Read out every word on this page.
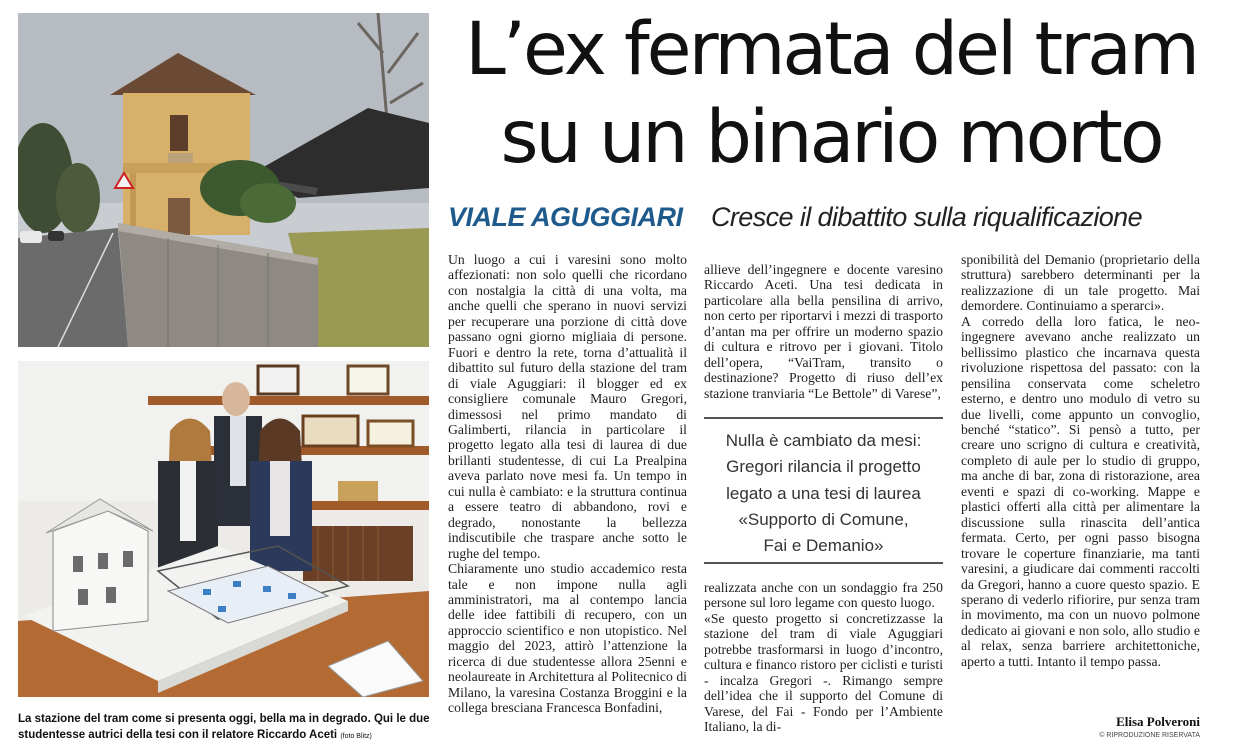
La stazione del tram come si presenta oggi, bella ma in degrado. Qui le due studentesse autrici della tesi con il relatore Riccardo Aceti (foto Blitz)
L’ex fermata del tram
su un binario morto
VIALE AGUGGIARI Cresce il dibattito sulla riqualificazione

Un luogo a cui i varesini sono molto affezionati: non solo quelli che ricordano con nostalgia la città di una volta, ma anche quelli che sperano in nuovi servizi per recuperare una porzione di città dove passano ogni giorno migliaia di persone. Fuori e dentro la rete, torna d’attualità il dibattito sul futuro della stazione del tram di viale Aguggiari: il blogger ed ex consigliere comunale Mauro Gregori, dimessosi nel primo mandato di Galimberti, rilancia in particolare il progetto legato alla tesi di laurea di due brillanti studentesse, di cui La Prealpina aveva parlato nove mesi fa. Un tempo in cui nulla è cambiato: e la struttura continua a essere teatro di abbandono, rovi e degrado, nonostante la bellezza indiscutibile che traspare anche sotto le rughe del tempo.

Chiaramente uno studio accademico resta tale e non impone nulla agli amministratori, ma al contempo lancia delle idee fattibili di recupero, con un approccio scientifico e non utopistico. Nel maggio del 2023, attirò l’attenzione la ricerca di due studentesse allora 25enni e neolaureate in Architettura al Politecnico di Milano, la varesina Costanza Broggini e la collega bresciana Francesca Bonfadini,

allieve dell’ingegnere e docente varesino Riccardo Aceti. Una tesi dedicata in particolare alla bella pensilina di arrivo, non certo per riportarvi i mezzi di trasporto d’antan ma per offrire un moderno spazio di cultura e ritrovo per i giovani. Titolo dell’opera, “VaiTram, transito o destinazione? Progetto di riuso dell’ex stazione tranviaria “Le Bettole” di Varese”,

Nulla è cambiato da mesi:
Gregori rilancia il progetto
legato a una tesi di laurea
«Supporto di Comune,
Fai e Demanio»

realizzata anche con un sondaggio fra 250 persone sul loro legame con questo luogo.

«Se questo progetto si concretizzasse la stazione del tram di viale Aguggiari potrebbe trasformarsi in luogo d’incontro, cultura e financo ristoro per ciclisti e turisti - incalza Gregori -. Rimango sempre dell’idea che il supporto del Comune di Varese, del Fai - Fondo per l’Ambiente Italiano, la di-

sponibilità del Demanio (proprietario della struttura) sarebbero determinanti per la realizzazione di un tale progetto. Mai demordere. Continuiamo a sperarci».

A corredo della loro fatica, le neo-ingegnere avevano anche realizzato un bellissimo plastico che incarnava questa rivoluzione rispettosa del passato: con la pensilina conservata come scheletro esterno, e dentro uno modulo di vetro su due livelli, come appunto un convoglio, benché “statico”. Si pensò a tutto, per creare uno scrigno di cultura e creatività, completo di aule per lo studio di gruppo, ma anche di bar, zona di ristorazione, area eventi e spazi di co-working. Mappe e plastici offerti alla città per alimentare la discussione sulla rinascita dell’antica fermata. Certo, per ogni passo bisogna trovare le coperture finanziarie, ma tanti varesini, a giudicare dai commenti raccolti da Gregori, hanno a cuore questo spazio. E sperano di vederlo rifiorire, pur senza tram in movimento, ma con un nuovo polmone dedicato ai giovani e non solo, allo studio e al relax, senza barriere architettoniche, aperto a tutti. Intanto il tempo passa.

Elisa Polveroni
© RIPRODUZIONE RISERVATA
